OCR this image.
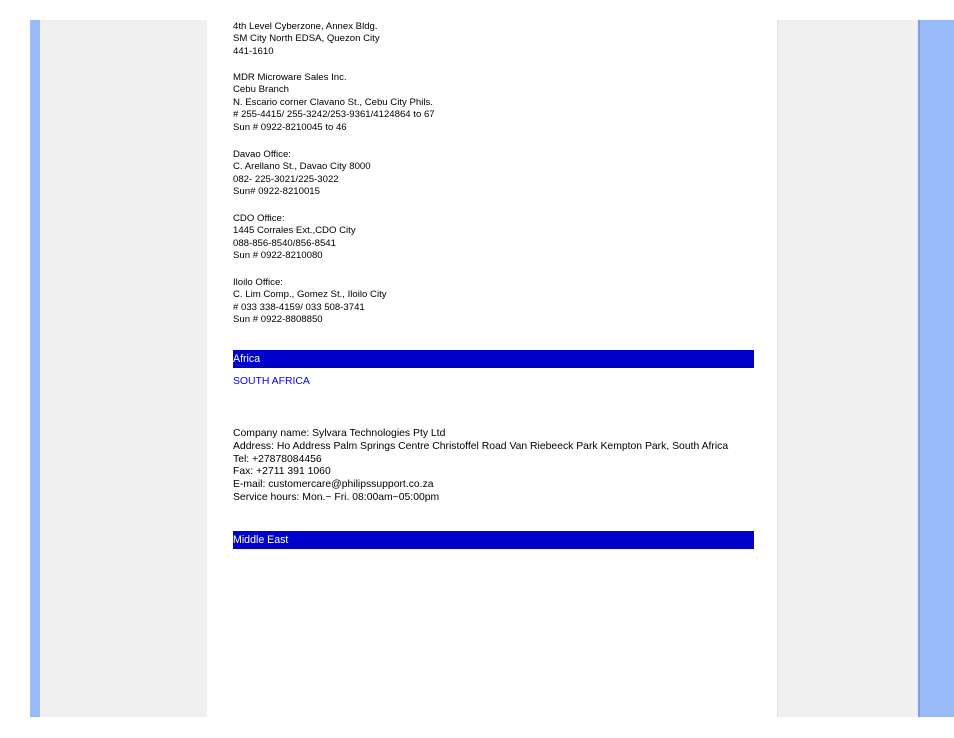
4th Level Cyberzone, Annex Bldg.
SM City North EDSA, Quezon City
441-1610
MDR Microware Sales Inc.
Cebu Branch
N. Escario corner Clavano St., Cebu City Phils.
# 255-4415/ 255-3242/253-9361/4124864 to 67
Sun # 0922-8210045 to 46
Davao Office:
C. Arellano St., Davao City 8000
082- 225-3021/225-3022
Sun# 0922-8210015
CDO Office:
1445 Corrales Ext.,CDO City
088-856-8540/856-8541
Sun # 0922-8210080
Iloilo Office:
C. Lim Comp., Gomez St., Iloilo City
# 033 338-4159/ 033 508-3741
Sun # 0922-8808850
Africa
SOUTH AFRICA
Company name: Sylvara Technologies Pty Ltd
Address: Ho Address Palm Springs Centre Christoffel Road Van Riebeeck Park Kempton Park, South Africa
Tel: +27878084456
Fax: +2711 391 1060
E-mail: customercare@philipssupport.co.za
Service hours: Mon.~ Fri. 08:00am~05:00pm
Middle East
